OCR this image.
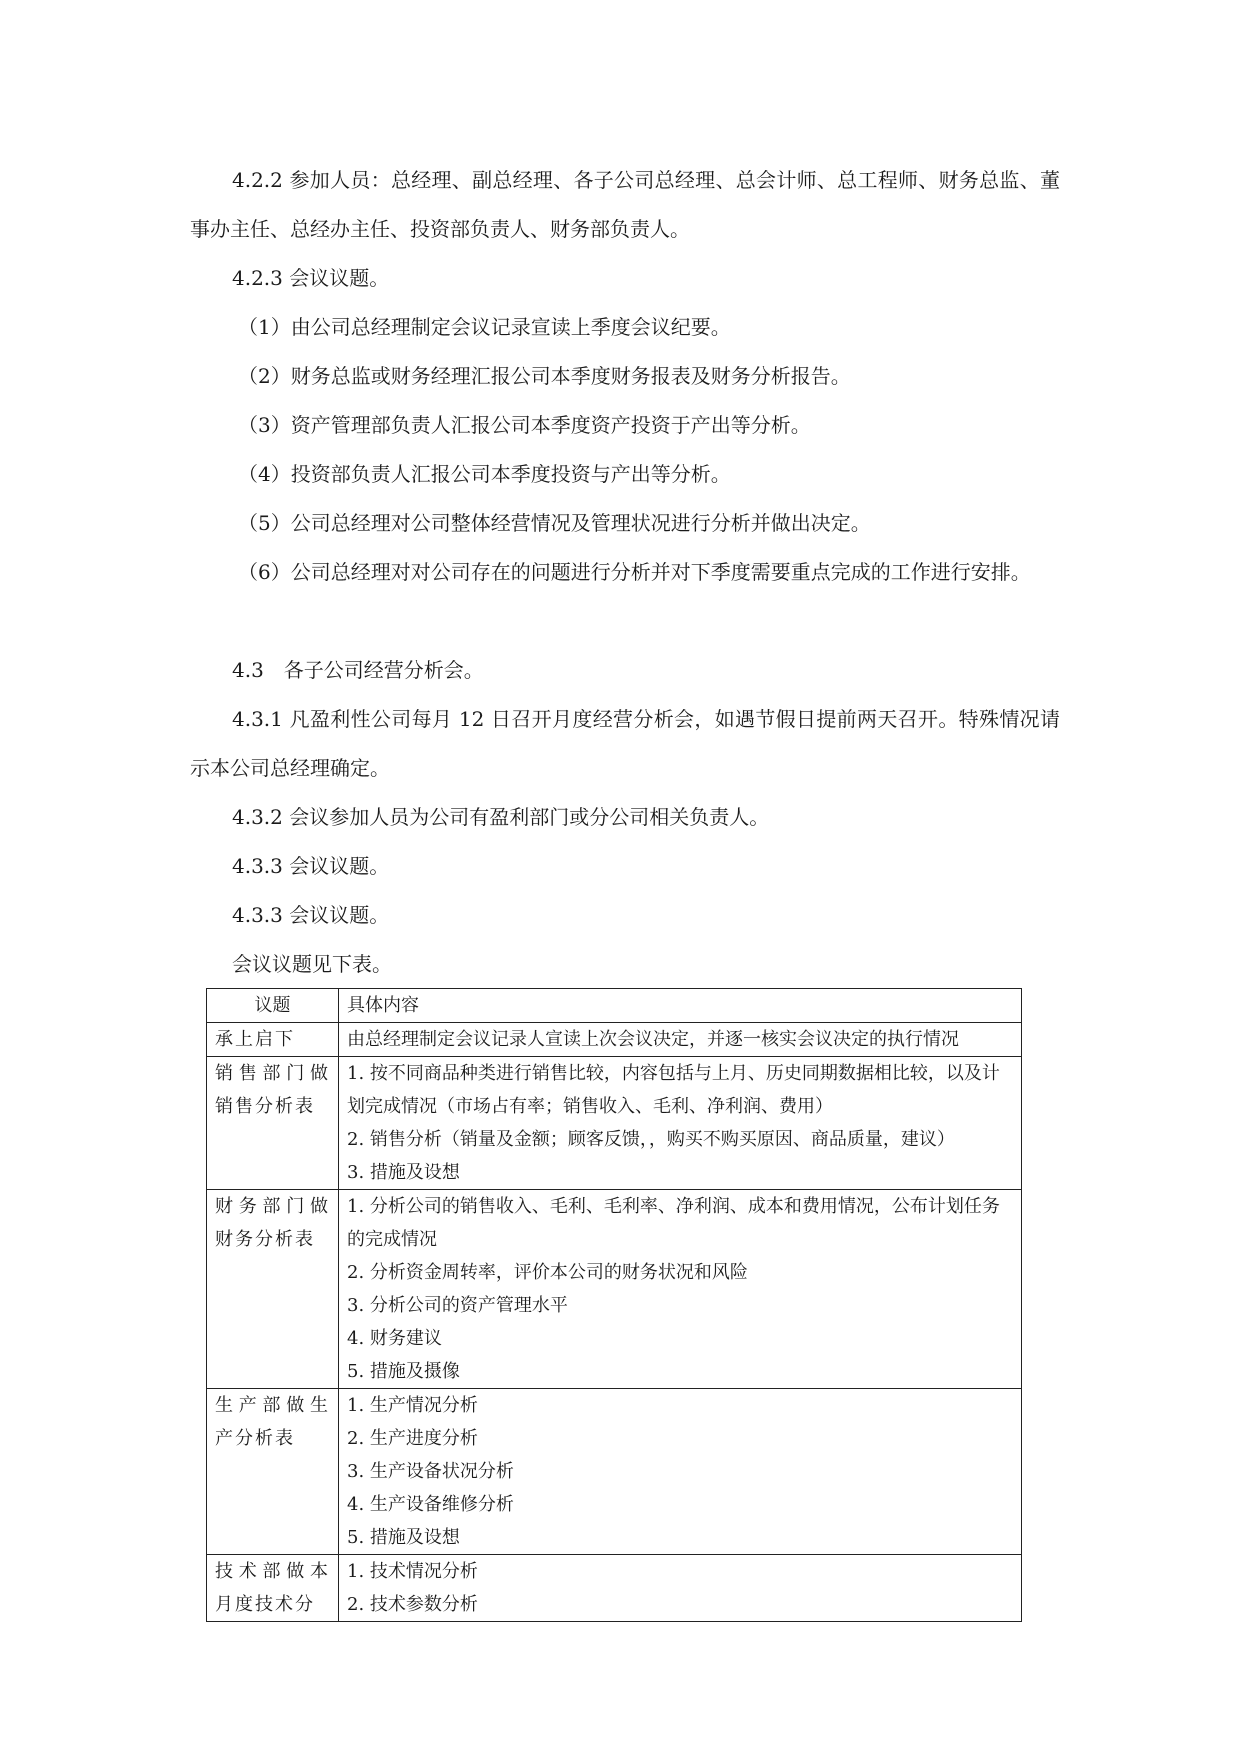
4.2.2 参加人员：总经理、副总经理、各子公司总经理、总会计师、总工程师、财务总监、董事办主任、总经办主任、投资部负责人、财务部负责人。

4.2.3 会议议题。

（1）由公司总经理制定会议记录宣读上季度会议纪要。

（2）财务总监或财务经理汇报公司本季度财务报表及财务分析报告。

（3）资产管理部负责人汇报公司本季度资产投资于产出等分析。

（4）投资部负责人汇报公司本季度投资与产出等分析。

（5）公司总经理对公司整体经营情况及管理状况进行分析并做出决定。

（6）公司总经理对对公司存在的问题进行分析并对下季度需要重点完成的工作进行安排。

4.3　各子公司经营分析会。

4.3.1 凡盈利性公司每月 12 日召开月度经营分析会，如遇节假日提前两天召开。特殊情况请示本公司总经理确定。

4.3.2 会议参加人员为公司有盈利部门或分公司相关负责人。

4.3.3 会议议题。

4.3.3 会议议题。

会议议题见下表。

议题	具体内容
承上启下	由总经理制定会议记录人宣读上次会议决定，并逐一核实会议决定的执行情况

销售部门做销售分析表	1. 按不同商品种类进行销售比较，内容包括与上月、历史同期数据相比较，以及计划完成情况（市场占有率；销售收入、毛利、净利润、费用）
2. 销售分析（销量及金额；顾客反馈，，购买不购买原因、商品质量，建议）
3. 措施及设想

财务部门做财务分析表	1. 分析公司的销售收入、毛利、毛利率、净利润、成本和费用情况，公布计划任务的完成情况
2. 分析资金周转率，评价本公司的财务状况和风险
3. 分析公司的资产管理水平
4. 财务建议
5. 措施及摄像

生产部做生产分析表	1. 生产情况分析
2. 生产进度分析
3. 生产设备状况分析
4. 生产设备维修分析
5. 措施及设想

技术部做本月度技术分	1. 技术情况分析
2. 技术参数分析
